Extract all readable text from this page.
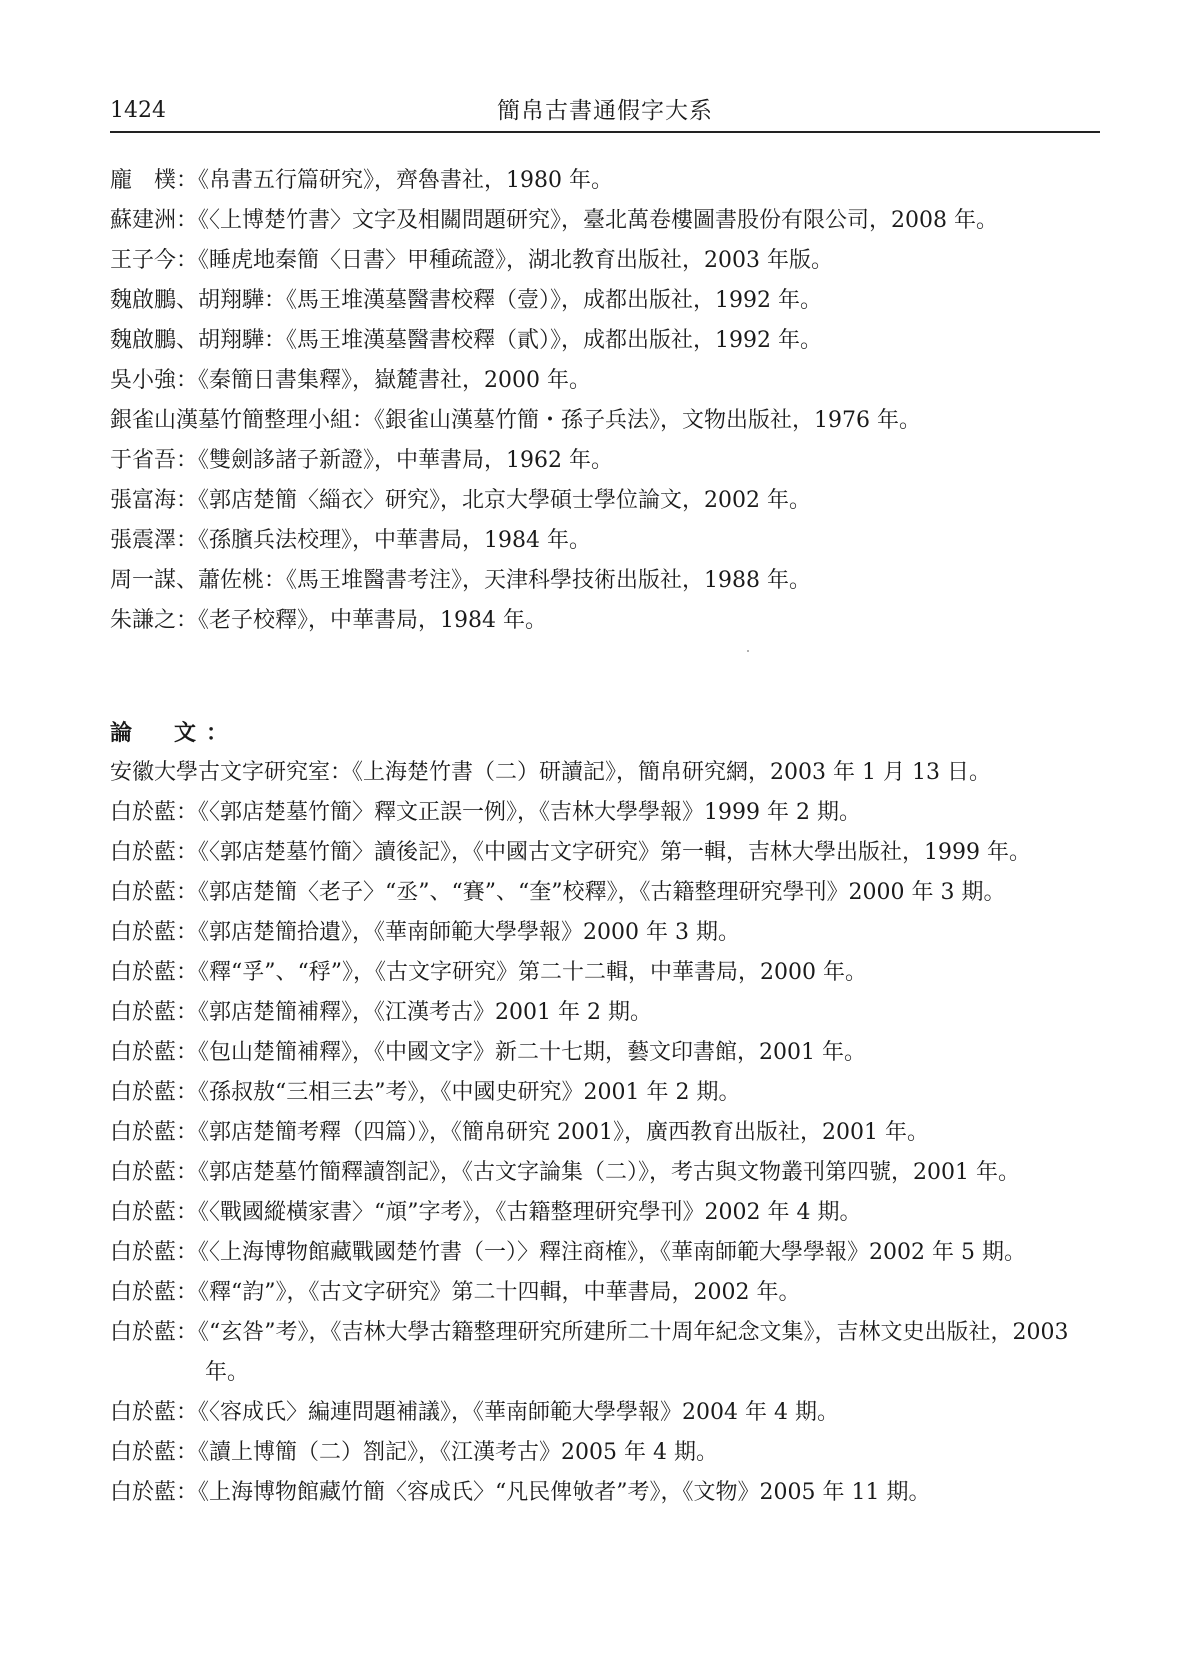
1424	簡帛古書通假字大系
龐　樸：《帛書五行篇研究》，齊魯書社，1980 年。
蘇建洲：《〈上博楚竹書〉文字及相關問題研究》，臺北萬卷樓圖書股份有限公司，2008 年。
王子今：《睡虎地秦簡〈日書〉甲種疏證》，湖北教育出版社，2003 年版。
魏啟鵬、胡翔驊：《馬王堆漢墓醫書校釋（壹）》，成都出版社，1992 年。
魏啟鵬、胡翔驊：《馬王堆漢墓醫書校釋（貳）》，成都出版社，1992 年。
吳小強：《秦簡日書集釋》，嶽麓書社，2000 年。
銀雀山漢墓竹簡整理小組：《銀雀山漢墓竹簡・孫子兵法》，文物出版社，1976 年。
于省吾：《雙劍誃諸子新證》，中華書局，1962 年。
張富海：《郭店楚簡〈緇衣〉研究》，北京大學碩士學位論文，2002 年。
張震澤：《孫臏兵法校理》，中華書局，1984 年。
周一謀、蕭佐桃：《馬王堆醫書考注》，天津科學技術出版社，1988 年。
朱謙之：《老子校釋》，中華書局，1984 年。
論　文：
安徽大學古文字研究室：《上海楚竹書（二）研讀記》，簡帛研究網，2003 年 1 月 13 日。
白於藍：《〈郭店楚墓竹簡〉釋文正誤一例》，《吉林大學學報》1999 年 2 期。
白於藍：《〈郭店楚墓竹簡〉讀後記》，《中國古文字研究》第一輯，吉林大學出版社，1999 年。
白於藍：《郭店楚簡〈老子〉“丞”、“賽”、“奎”校釋》，《古籍整理研究學刊》2000 年 3 期。
白於藍：《郭店楚簡拾遺》，《華南師範大學學報》2000 年 3 期。
白於藍：《釋“孚”、“稃”》，《古文字研究》第二十二輯，中華書局，2000 年。
白於藍：《郭店楚簡補釋》，《江漢考古》2001 年 2 期。
白於藍：《包山楚簡補釋》，《中國文字》新二十七期，藝文印書館，2001 年。
白於藍：《孫叔敖“三相三去”考》，《中國史研究》2001 年 2 期。
白於藍：《郭店楚簡考釋（四篇）》，《簡帛研究 2001》，廣西教育出版社，2001 年。
白於藍：《郭店楚墓竹簡釋讀劄記》，《古文字論集（二）》，考古與文物叢刊第四號，2001 年。
白於藍：《〈戰國縱橫家書〉“頏”字考》，《古籍整理研究學刊》2002 年 4 期。
白於藍：《〈上海博物館藏戰國楚竹書（一）〉釋注商榷》，《華南師範大學學報》2002 年 5 期。
白於藍：《釋“𧥺”》，《古文字研究》第二十四輯，中華書局，2002 年。
白於藍：《“玄咎”考》，《吉林大學古籍整理研究所建所二十周年紀念文集》，吉林文史出版社，2003 年。
白於藍：《〈容成氏〉編連問題補議》，《華南師範大學學報》2004 年 4 期。
白於藍：《讀上博簡（二）劄記》，《江漢考古》2005 年 4 期。
白於藍：《上海博物館藏竹簡〈容成氏〉“凡民俾敂者”考》，《文物》2005 年 11 期。
